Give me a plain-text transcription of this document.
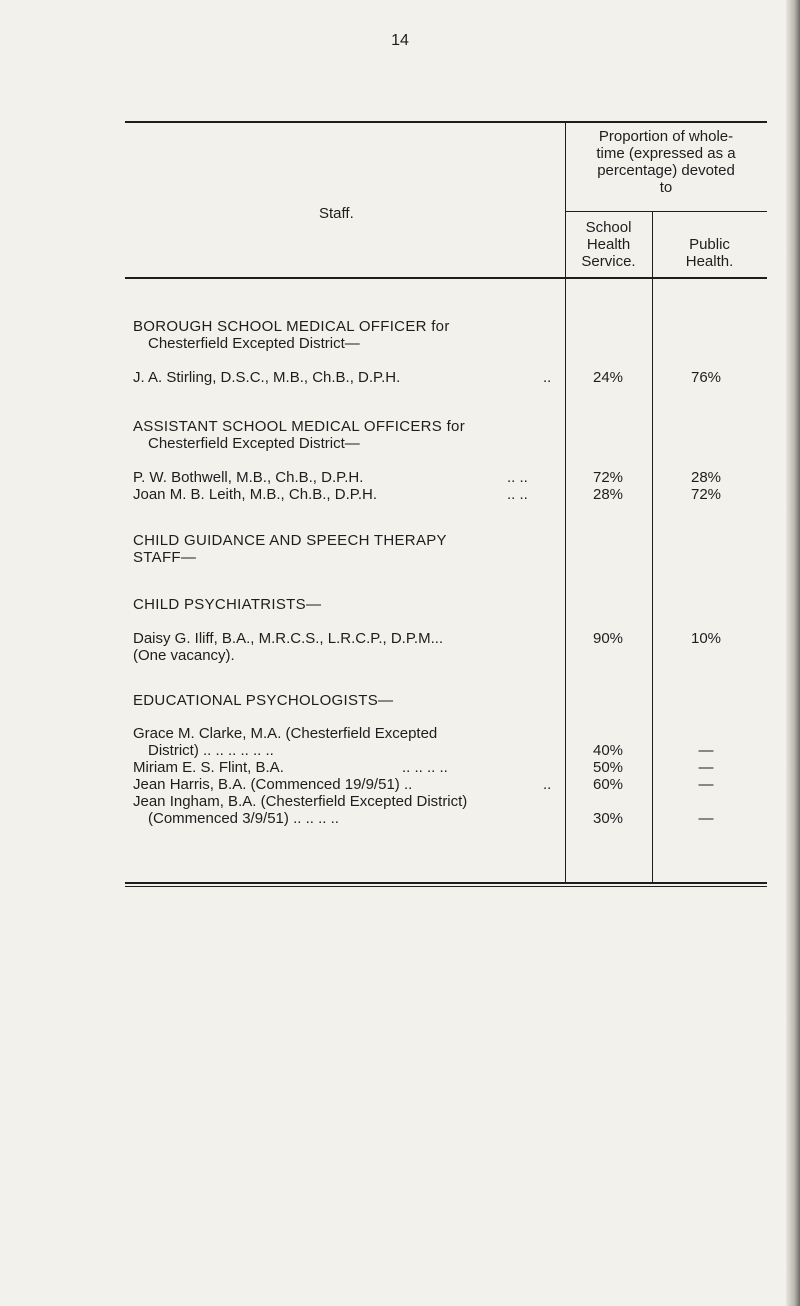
14
Staff.
Proportion of whole-
time (expressed as a
percentage) devoted
to
School
Health
Service.
Public
Health.
BOROUGH SCHOOL MEDICAL OFFICER for
Chesterfield Excepted District—
J. A. Stirling, D.S.C., M.B., Ch.B., D.P.H.	..	24%	76%
ASSISTANT SCHOOL MEDICAL OFFICERS for
Chesterfield Excepted District—
P. W. Bothwell, M.B., Ch.B., D.P.H.	.. ..	72%	28%
Joan M. B. Leith, M.B., Ch.B., D.P.H.	.. ..	28%	72%
CHILD GUIDANCE AND SPEECH THERAPY
STAFF—
CHILD PSYCHIATRISTS—
Daisy G. Iliff, B.A., M.R.C.S., L.R.C.P., D.P.M...
(One vacancy).
90%	10%
EDUCATIONAL PSYCHOLOGISTS—
Grace M. Clarke, M.A. (Chesterfield Excepted
District) .. .. .. .. .. ..	40%	—
Miriam E. S. Flint, B.A.	.. .. .. ..	50%	—
Jean Harris, B.A. (Commenced 19/9/51) ..	..	60%	—
Jean Ingham, B.A. (Chesterfield Excepted District)
(Commenced 3/9/51) .. .. .. ..	30%	—
